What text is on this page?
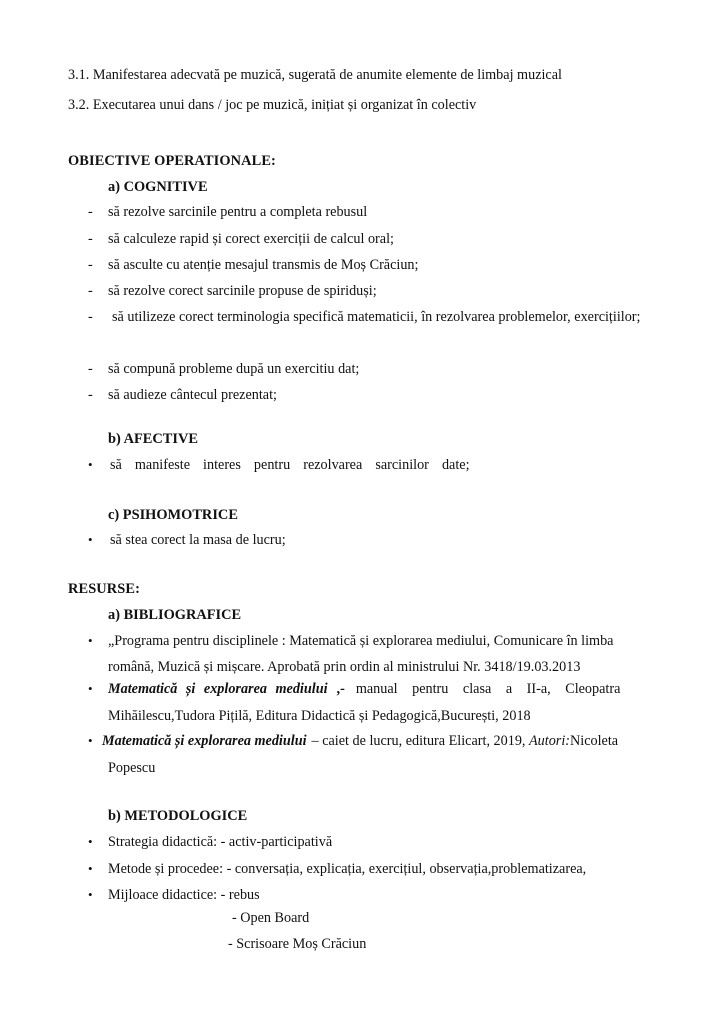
3.1. Manifestarea adecvată pe muzică, sugerată de anumite elemente de limbaj muzical
3.2. Executarea unui dans / joc pe muzică, inițiat și organizat în colectiv
OBIECTIVE OPERATIONALE:
a) COGNITIVE
- să rezolve sarcinile pentru a completa rebusul
- să calculeze rapid și corect exerciții de calcul oral;
- să asculte cu atenție mesajul transmis de Moș Crăciun;
- să rezolve corect sarcinile propuse de spiriduși;
- să utilizeze corect terminologia specifică matematicii, în rezolvarea problemelor, exercițiilor;
- să compună probleme după un exercitiu dat;
- să audieze cântecul prezentat;
b) AFECTIVE
• să manifeste interes pentru rezolvarea sarcinilor date;
c) PSIHOMOTRICE
• să stea corect la masa de lucru;
RESURSE:
a) BIBLIOGRAFICE
• „Programa pentru disciplinele : Matematică și explorarea mediului, Comunicare în limba
română, Muzică și mișcare. Aprobată prin ordin al ministrului Nr. 3418/19.03.2013
• Matematică și explorarea mediului ,- manual pentru clasa a II-a, Cleopatra
Mihăilescu,Tudora Pițilă, Editura Didactică și Pedagogică,București, 2018
• Matematică și explorarea mediului – caiet de lucru, editura Elicart, 2019, Autori:Nicoleta
Popescu
b) METODOLOGICE
• Strategia didactică: - activ-participativă
• Metode și procedee: - conversația, explicația, exercițiul, observația,problematizarea,
• Mijloace didactice: - rebus
- Open Board
- Scrisoare Moș Crăciun
